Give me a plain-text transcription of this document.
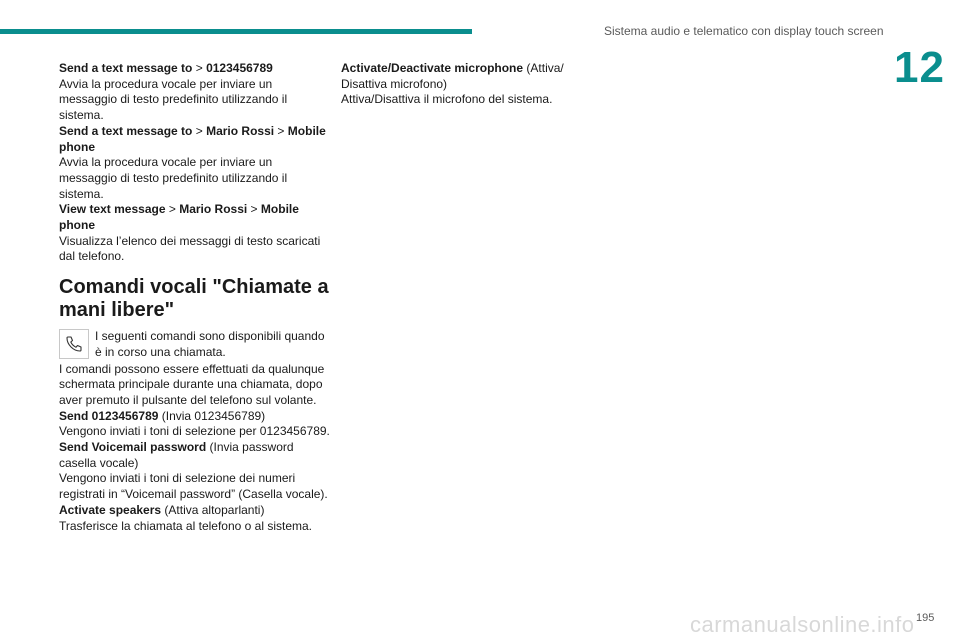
Sistema audio e telematico con display touch screen
12

Send a text message to > 0123456789

Avvia la procedura vocale per inviare un messaggio di testo predefinito utilizzando il sistema.

Send a text message to > Mario Rossi > Mobile phone

Avvia la procedura vocale per inviare un messaggio di testo predefinito utilizzando il sistema.

View text message > Mario Rossi > Mobile phone

Visualizza l’elenco dei messaggi di testo scaricati dal telefono.

Comandi vocali "Chiamate a mani libere"
I seguenti comandi sono disponibili quando è in corso una chiamata.

I comandi possono essere effettuati da qualunque schermata principale durante una chiamata, dopo aver premuto il pulsante del telefono sul volante.

Send 0123456789 (Invia 0123456789)

Vengono inviati i toni di selezione per 0123456789.

Send Voicemail password (Invia password casella vocale)

Vengono inviati i toni di selezione dei numeri registrati in “Voicemail password” (Casella vocale).

Activate speakers (Attiva altoparlanti)

Trasferisce la chiamata al telefono o al sistema.

Activate/Deactivate microphone (Attiva/ Disattiva microfono)

Attiva/Disattiva il microfono del sistema.

carmanualsonline.info 195
